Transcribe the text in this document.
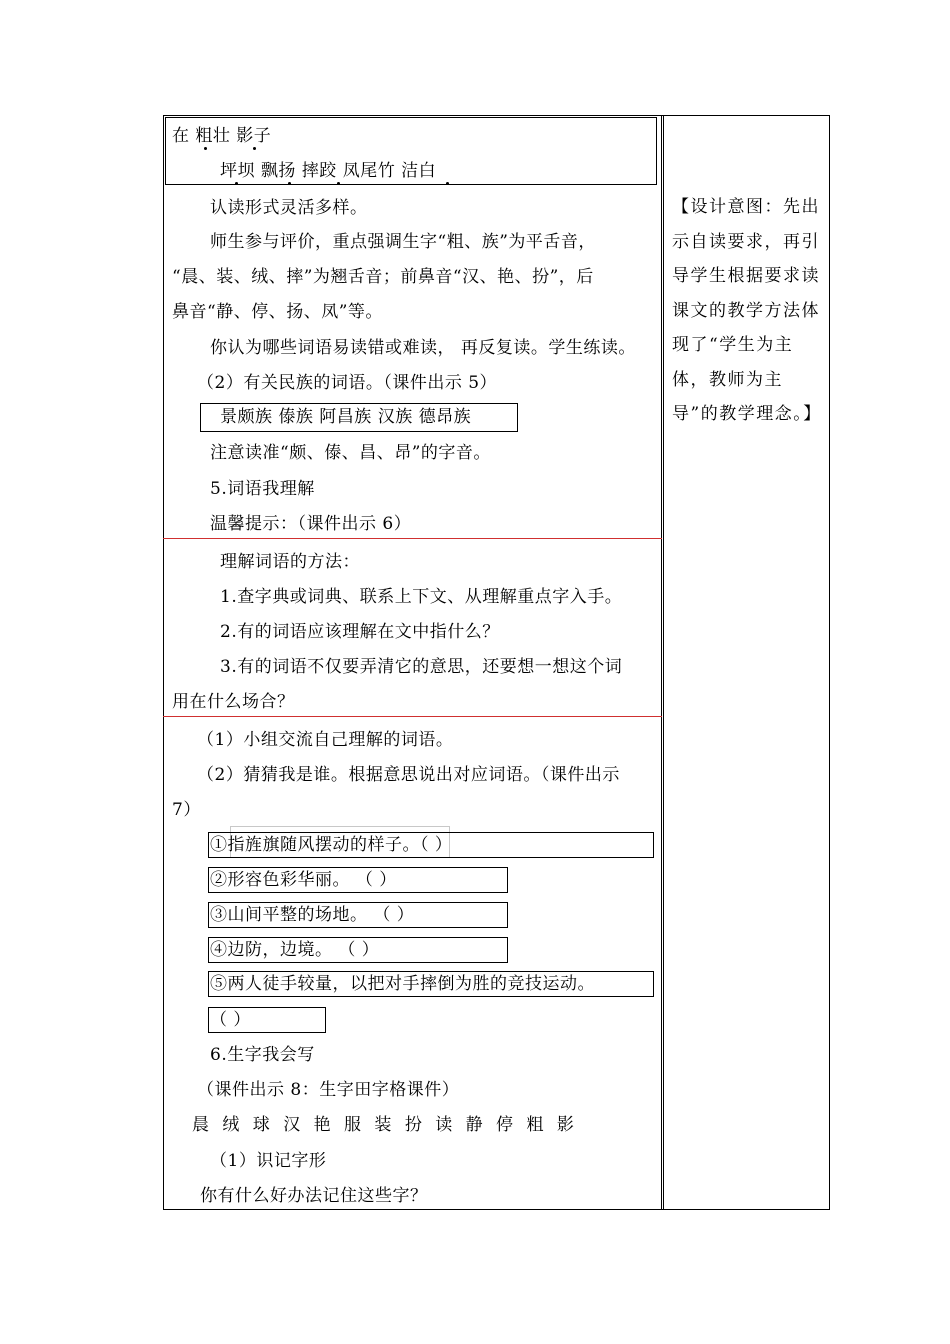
在 粗壮 影子
坪坝 飘扬 摔跤 凤尾竹 洁白
认读形式灵活多样。
师生参与评价，重点强调生字“粗、族”为平舌音，
“晨、装、绒、摔”为翘舌音；前鼻音“汉、艳、扮”，后
鼻音“静、停、扬、凤”等。
你认为哪些词语易读错或难读， 再反复读。学生练读。
（2）有关民族的词语。（课件出示 5）
景颇族 傣族 阿昌族 汉族 德昂族
注意读准“颇、傣、昌、昂”的字音。
5.词语我理解
温馨提示：（课件出示 6）
理解词语的方法：
1.查字典或词典、联系上下文、从理解重点字入手。
2.有的词语应该理解在文中指什么？
3.有的词语不仅要弄清它的意思，还要想一想这个词
用在什么场合？
（1）小组交流自己理解的词语。
（2）猜猜我是谁。根据意思说出对应词语。（课件出示
7）
①指旌旗随风摆动的样子。（ ）
②形容色彩华丽。 （ ）
③山间平整的场地。 （ ）
④边防，边境。 （ ）
⑤两人徒手较量，以把对手摔倒为胜的竞技运动。
（ ）
6.生字我会写
（课件出示 8：生字田字格课件）
晨 绒 球 汉 艳 服 装 扮 读 静 停 粗 影
（1）识记字形
你有什么好办法记住这些字？
【设计意图：先出示自读要求，再引导学生根据要求读课文的教学方法体现了“学生为主体，教师为主导”的教学理念。】
